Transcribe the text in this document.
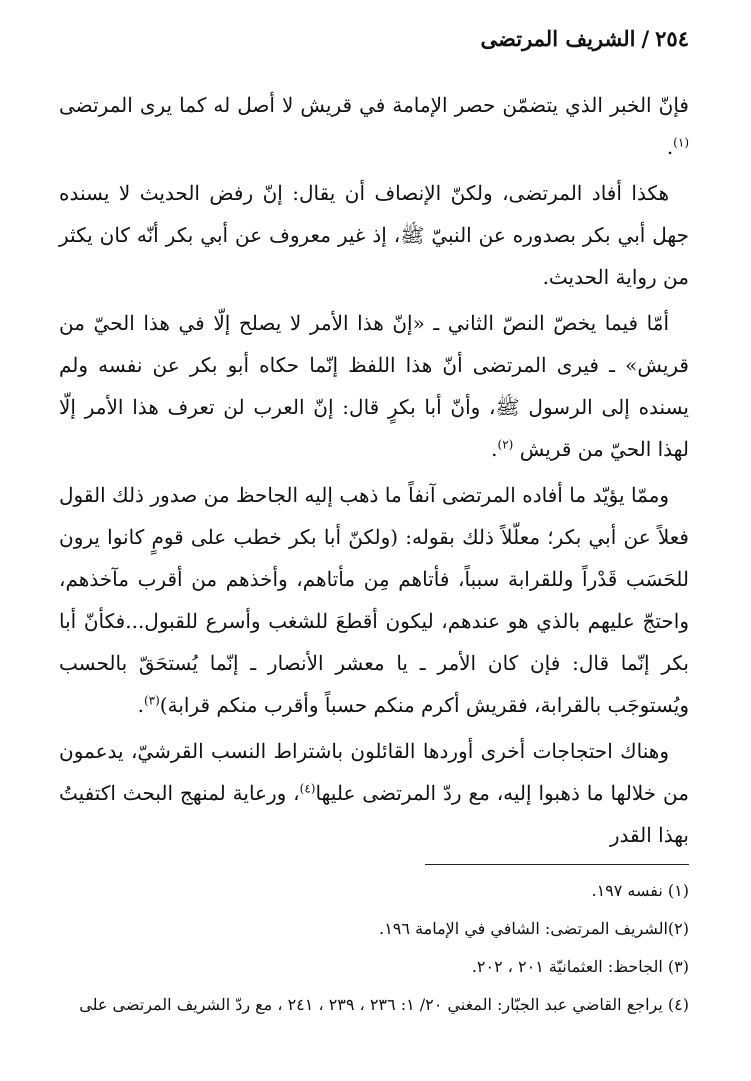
٢٥٤/الشريف المرتضى

فإنّ الخبر الذي يتضمّن حصر الإمامة في قريش لا أصل له كما يرى المرتضى $^{(١)}$.

هكذا أفاد المرتضى، ولكنّ الإنصاف أن يقال: إنّ رفض الحديث لا يسنده جهل أبي بكر بصدوره عن النبيّ ﷺ، إذ غير معروف عن أبي بكر أنّه كان يكثر من رواية الحديث.

أمّا فيما يخصّ النصّ الثاني ـ «إنّ هذا الأمر لا يصلح إلّا في هذا الحيّ من قريش» ـ فيرى المرتضى أنّ هذا اللفظ إنّما حكاه أبو بكر عن نفسه ولم يسنده إلى الرسول ﷺ، وأنّ أبا بكرٍ قال: إنّ العرب لن تعرف هذا الأمر إلّا لهذا الحيّ من قريش $^{(٢)}$.

وممّا يؤيّد ما أفاده المرتضى آنفاً ما ذهب إليه الجاحظ من صدور ذلك القول فعلاً عن أبي بكر؛ معلّلاً ذلك بقوله: (ولكنّ أبا بكر خطب على قومٍ كانوا يرون للحَسَب قَدْراً وللقرابة سبباً، فأتاهم مِن مأتاهم، وأخذهم من أقرب مآخذهم، واحتجّ عليهم بالذي هو عندهم، ليكون أقطعَ للشغب وأسرع للقبول...فكأنّ أبا بكر إنّما قال: فإن كان الأمر ـ يا معشر الأنصار ـ إنّما يُستحَقّ بالحسب ويُستوجَب بالقرابة، فقريش أكرم منكم حسباً وأقرب منكم قرابة)$^{(٣)}$.

وهناك احتجاجات أخرى أوردها القائلون باشتراط النسب القرشيّ، يدعمون من خلالها ما ذهبوا إليه، مع ردّ المرتضى عليها$^{(٤)}$، ورعاية لمنهج البحث اكتفيتُ بهذا القدر

(١) نفسه ١٩٧.

(٢)الشريف المرتضى: الشافي في الإمامة ١٩٦.

(٣) الجاحظ: العثمانيّة ٢٠١ ، ٢٠٢.

(٤) يراجع القاضي عبد الجبّار: المغني ٢٠/ ١: ٢٣٦ ، ٢٣٩ ، ٢٤١ ، مع ردّ الشريف المرتضى على
